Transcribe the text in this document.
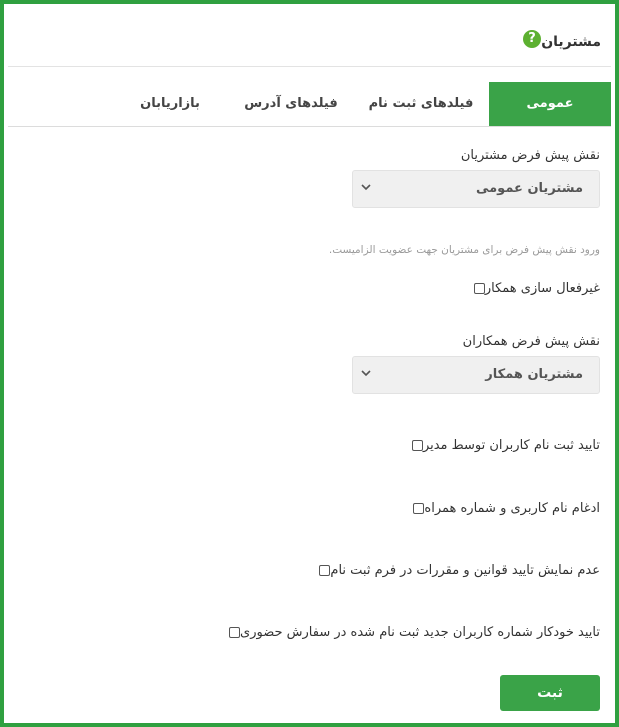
مشتریان
?
عمومی
فیلدهای ثبت نام
فیلدهای آدرس
بازاریابان
نقش پیش فرض مشتریان
مشتریان عمومی
ورود نقش پیش فرض برای مشتریان جهت عضویت الزامیست.
غیرفعال سازی همکار
نقش پیش فرض همکاران
مشتریان همکار
تایید ثبت نام کاربران توسط مدیر
ادغام نام کاربری و شماره همراه
عدم نمایش تایید قوانین و مقررات در فرم ثبت نام
تایید خودکار شماره کاربران جدید ثبت نام شده در سفارش حضوری
ثبت
